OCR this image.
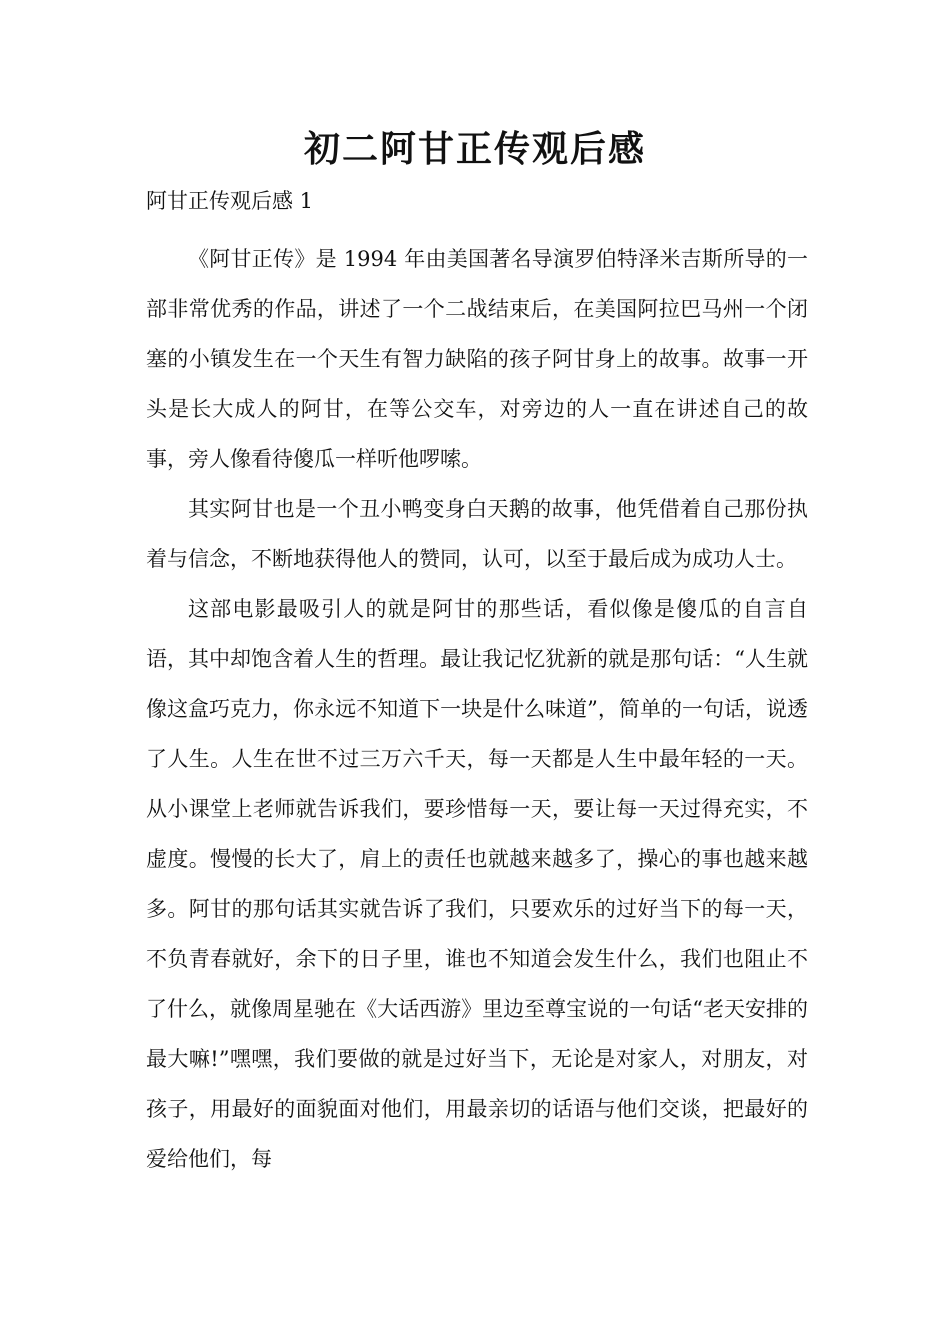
初二阿甘正传观后感

阿甘正传观后感 1

《阿甘正传》是 1994 年由美国著名导演罗伯特泽米吉斯所导的一部非常优秀的作品，讲述了一个二战结束后，在美国阿拉巴马州一个闭塞的小镇发生在一个天生有智力缺陷的孩子阿甘身上的故事。故事一开头是长大成人的阿甘，在等公交车，对旁边的人一直在讲述自己的故事，旁人像看待傻瓜一样听他啰嗦。

其实阿甘也是一个丑小鸭变身白天鹅的故事，他凭借着自己那份执着与信念，不断地获得他人的赞同，认可，以至于最后成为成功人士。

这部电影最吸引人的就是阿甘的那些话，看似像是傻瓜的自言自语，其中却饱含着人生的哲理。最让我记忆犹新的就是那句话：“人生就像这盒巧克力，你永远不知道下一块是什么味道”，简单的一句话，说透了人生。人生在世不过三万六千天，每一天都是人生中最年轻的一天。从小课堂上老师就告诉我们，要珍惜每一天，要让每一天过得充实，不虚度。慢慢的长大了，肩上的责任也就越来越多了，操心的事也越来越多。阿甘的那句话其实就告诉了我们，只要欢乐的过好当下的每一天，不负青春就好，余下的日子里，谁也不知道会发生什么，我们也阻止不了什么，就像周星驰在《大话西游》里边至尊宝说的一句话“老天安排的最大嘛!”嘿嘿，我们要做的就是过好当下，无论是对家人，对朋友，对孩子，用最好的面貌面对他们，用最亲切的话语与他们交谈，把最好的爱给他们，每
